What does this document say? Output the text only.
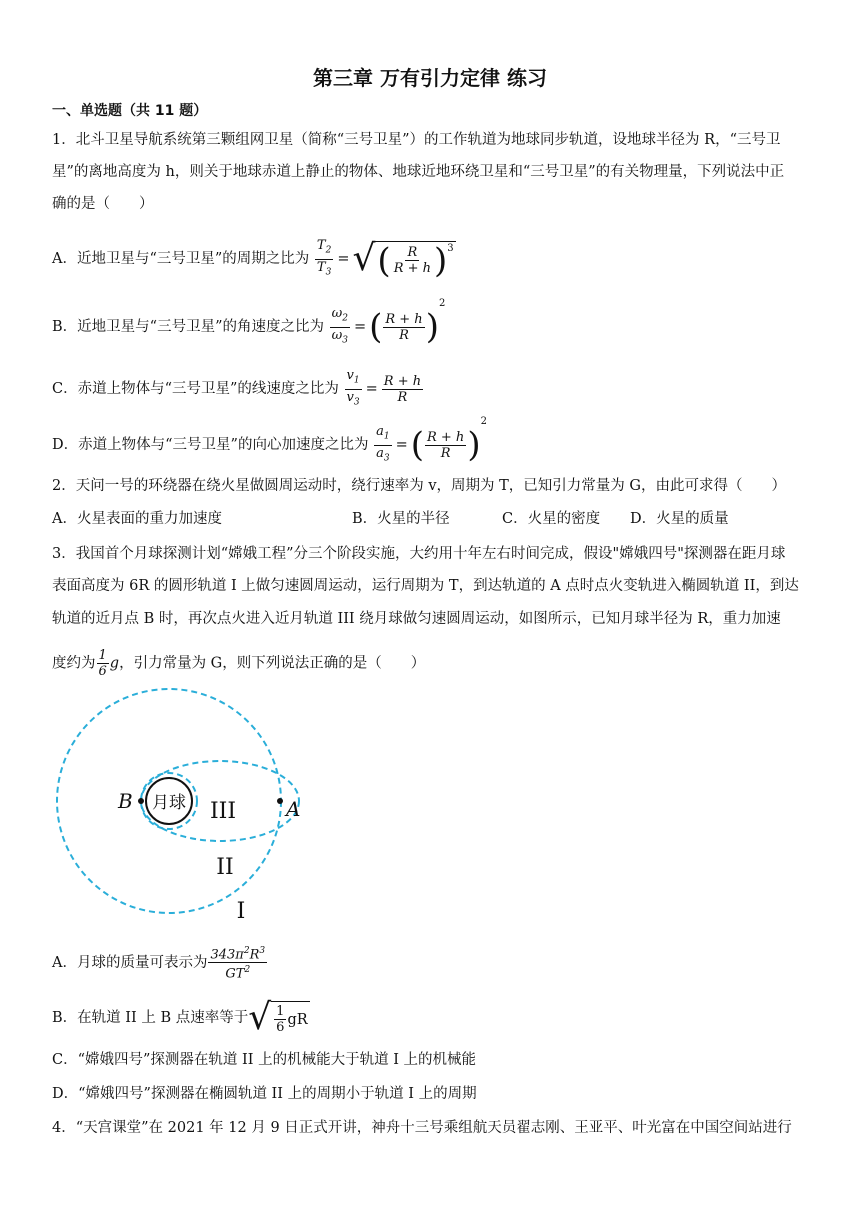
第三章 万有引力定律 练习
一、单选题（共 11 题）
1．北斗卫星导航系统第三颗组网卫星（简称“三号卫星”）的工作轨道为地球同步轨道，设地球半径为 R，“三号卫
星”的离地高度为 h，则关于地球赤道上静止的物体、地球近地环绕卫星和“三号卫星”的有关物理量，下列说法中正
确的是（　　）
A．近地卫星与“三号卫星”的周期之比为 $\frac{T_2}{T_3}$ = √ ( $\frac{R}{R + h}$ ) 3
B．近地卫星与“三号卫星”的角速度之比为 $\frac{\omega_2}{\omega_3}$ =( $\frac{R + h}{R} )^2$
C．赤道上物体与“三号卫星”的线速度之比为 $\frac{v_1}{v_3} = \frac{R + h}{R}$
D．赤道上物体与“三号卫星”的向心加速度之比为 $\frac{a_1}{a_3}$ =( $\frac{R + h}{R} )^2$
2．天问一号的环绕器在绕火星做圆周运动时，绕行速率为 v，周期为 T，已知引力常量为 G，由此可求得（　　）
A．火星表面的重力加速度	B．火星的半径	C．火星的密度 D．火星的质量
3．我国首个月球探测计划“嫦娥工程”分三个阶段实施，大约用十年左右时间完成，假设"嫦娥四号"探测器在距月球
表面高度为 6R 的圆形轨道 I 上做匀速圆周运动，运行周期为 T，到达轨道的 A 点时点火变轨进入椭圆轨道 II，到达
轨道的近月点 B 时，再次点火进入近月轨道 III 绕月球做匀速圆周运动，如图所示，已知月球半径为 R，重力加速
度约为 $\frac{1}{6}$ g，引力常量为 G，则下列说法正确的是（　　）
月球	A
B	III
II
I
A．月球的质量可表示为 $\frac{343\pi^2R^3}{GT^2}$
B．在轨道 II 上 B 点速率等于 √ $\frac{1}{6}$ gR
C．“嫦娥四号”探测器在轨道 II 上的机械能大于轨道 I 上的机械能
D．“嫦娥四号”探测器在椭圆轨道 II 上的周期小于轨道 I 上的周期
4．“天宫课堂”在 2021 年 12 月 9 日正式开讲，神舟十三号乘组航天员翟志刚、王亚平、叶光富在中国空间站进行
